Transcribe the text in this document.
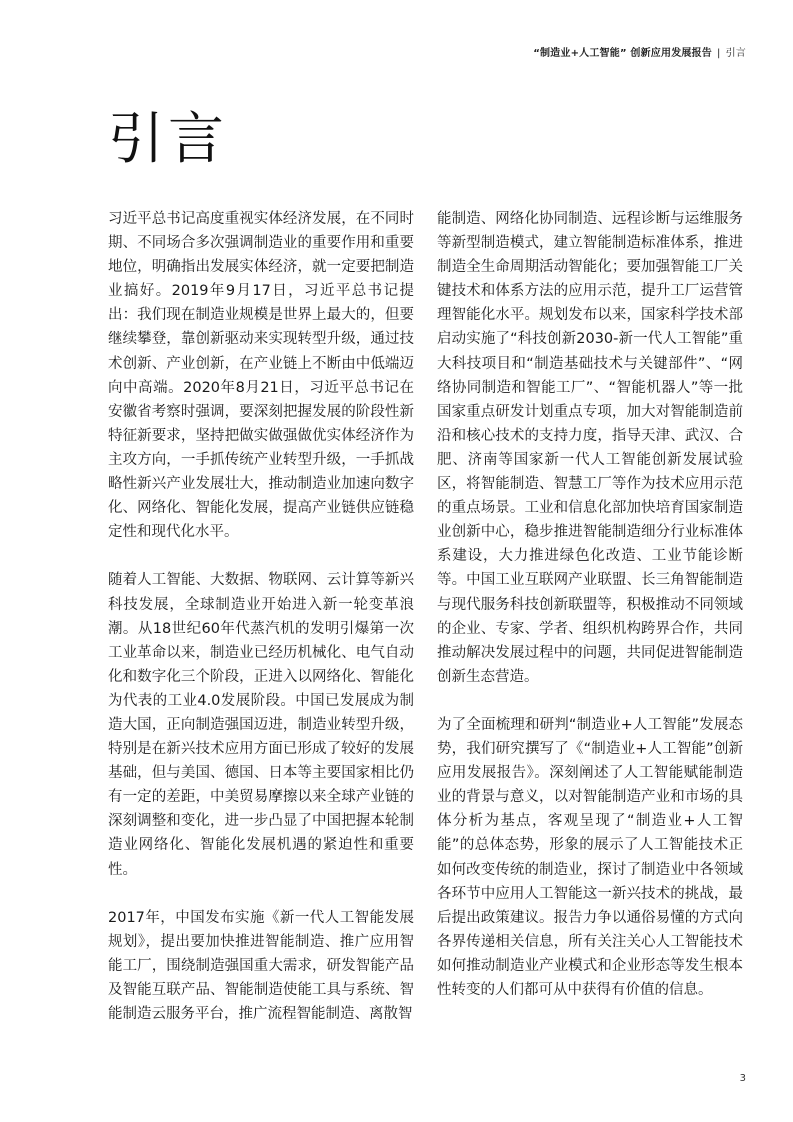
“制造业+人工智能” 创新应用发展报告 | 引言
引言

习近平总书记高度重视实体经济发展，在不同时期、不同场合多次强调制造业的重要作用和重要地位，明确指出发展实体经济，就一定要把制造业搞好。2019年9月17日，习近平总书记提出：我们现在制造业规模是世界上最大的，但要继续攀登，靠创新驱动来实现转型升级，通过技术创新、产业创新，在产业链上不断由中低端迈向中高端。2020年8月21日，习近平总书记在安徽省考察时强调，要深刻把握发展的阶段性新特征新要求，坚持把做实做强做优实体经济作为主攻方向，一手抓传统产业转型升级，一手抓战略性新兴产业发展壮大，推动制造业加速向数字化、网络化、智能化发展，提高产业链供应链稳定性和现代化水平。

随着人工智能、大数据、物联网、云计算等新兴科技发展，全球制造业开始进入新一轮变革浪潮。从18世纪60年代蒸汽机的发明引爆第一次工业革命以来，制造业已经历机械化、电气自动化和数字化三个阶段，正进入以网络化、智能化为代表的工业4.0发展阶段。中国已发展成为制造大国，正向制造强国迈进，制造业转型升级，特别是在新兴技术应用方面已形成了较好的发展基础，但与美国、德国、日本等主要国家相比仍有一定的差距，中美贸易摩擦以来全球产业链的深刻调整和变化，进一步凸显了中国把握本轮制造业网络化、智能化发展机遇的紧迫性和重要性。

2017年，中国发布实施《新一代人工智能发展规划》，提出要加快推进智能制造、推广应用智能工厂，围绕制造强国重大需求，研发智能产品及智能互联产品、智能制造使能工具与系统、智能制造云服务平台，推广流程智能制造、离散智

能制造、网络化协同制造、远程诊断与运维服务等新型制造模式，建立智能制造标准体系，推进制造全生命周期活动智能化；要加强智能工厂关键技术和体系方法的应用示范，提升工厂运营管理智能化水平。规划发布以来，国家科学技术部启动实施了“科技创新2030-新一代人工智能”重大科技项目和“制造基础技术与关键部件”、“网络协同制造和智能工厂”、“智能机器人”等一批国家重点研发计划重点专项，加大对智能制造前沿和核心技术的支持力度，指导天津、武汉、合肥、济南等国家新一代人工智能创新发展试验区，将智能制造、智慧工厂等作为技术应用示范的重点场景。工业和信息化部加快培育国家制造业创新中心，稳步推进智能制造细分行业标准体系建设，大力推进绿色化改造、工业节能诊断等。中国工业互联网产业联盟、长三角智能制造与现代服务科技创新联盟等，积极推动不同领域的企业、专家、学者、组织机构跨界合作，共同推动解决发展过程中的问题，共同促进智能制造创新生态营造。

为了全面梳理和研判“制造业+人工智能”发展态势，我们研究撰写了《“制造业+人工智能”创新应用发展报告》。深刻阐述了人工智能赋能制造业的背景与意义，以对智能制造产业和市场的具体分析为基点，客观呈现了“制造业+人工智能”的总体态势，形象的展示了人工智能技术正如何改变传统的制造业，探讨了制造业中各领域各环节中应用人工智能这一新兴技术的挑战，最后提出政策建议。报告力争以通俗易懂的方式向各界传递相关信息，所有关注关心人工智能技术如何推动制造业产业模式和企业形态等发生根本性转变的人们都可从中获得有价值的信息。

3
